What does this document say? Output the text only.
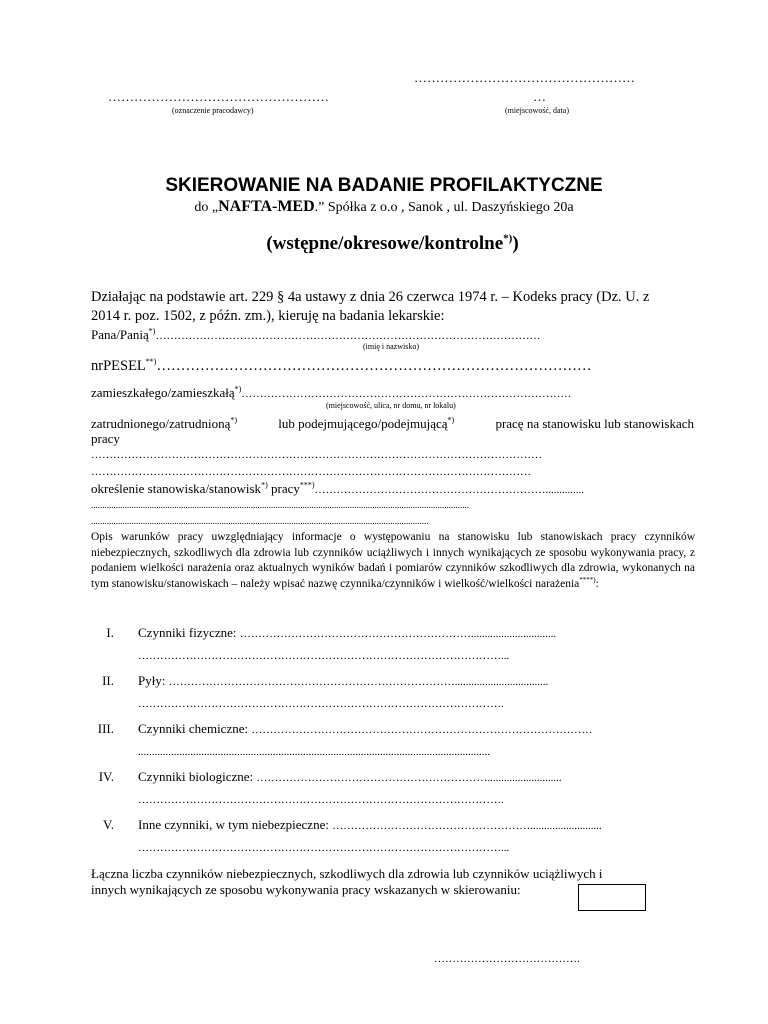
……………………………………………
(oznaczenie pracodawcy)
……………………………………………
…
(miejscowość, data)
SKIEROWANIE NA BADANIE PROFILAKTYCZNE
do „NAFTA-MED.” Spółka z o.o , Sanok , ul. Daszyńskiego 20a
(wstępne/okresowe/kontrolne*))
Działając na podstawie art. 229 § 4a ustawy z dnia 26 czerwca 1974 r. – Kodeks pracy (Dz. U. z
2014 r. poz. 1502, z późn. zm.), kieruję na badania lekarskie:
Pana/Panią*)……………………………………………………………………………………………
(imię i nazwisko)
nrPESEL**)………………………………………………………………………………
zamieszkałego/zamieszkałą*)………………………………………………………………………………
(miejscowość, ulica, nr domu, nr lokalu)
zatrudnionego/zatrudnioną*)	lub podejmującego/podejmującą*)	pracę na stanowisku lub stanowiskach
pracy
……………………………………………………………………………………………………………
…………………………………………………………………………………………………………
określenie stanowiska/stanowisk*) pracy***)………………………………………………………..............
........................................................................................................................................................................
......................................................................................................................................................
Opis warunków pracy uwzględniający informacje o występowaniu na stanowisku lub stanowiskach pracy czynników niebezpiecznych, szkodliwych dla zdrowia lub czynników uciążliwych i innych wynikających ze sposobu wykonywania pracy, z podaniem wielkości narażenia oraz aktualnych wyników badań i pomiarów czynników szkodliwych dla zdrowia, wykonanych na tym stanowisku/stanowiskach – należy wpisać nazwę czynnika/czynników i wielkość/wielkości narażenia****):
I. Czynniki fizyczne: ………………………………………………………...............................
………………………………………………………………………………………...
II. Pyły: ……………………………………………………………………..................................
……………………………………………………………………………………….
III. Czynniki chemiczne: …………………………………………………………………………………
................................................................................................................................
IV. Czynniki biologiczne: ………………………………………………………...........................
……………………………………………………………………………………….
V. Inne czynniki, w tym niebezpieczne: ………………………………………………..........................
………………………………………………………………………………………...
Łączna liczba czynników niebezpiecznych, szkodliwych dla zdrowia lub czynników uciążliwych i
innych wynikających ze sposobu wykonywania pracy wskazanych w skierowaniu:
………………………………….
